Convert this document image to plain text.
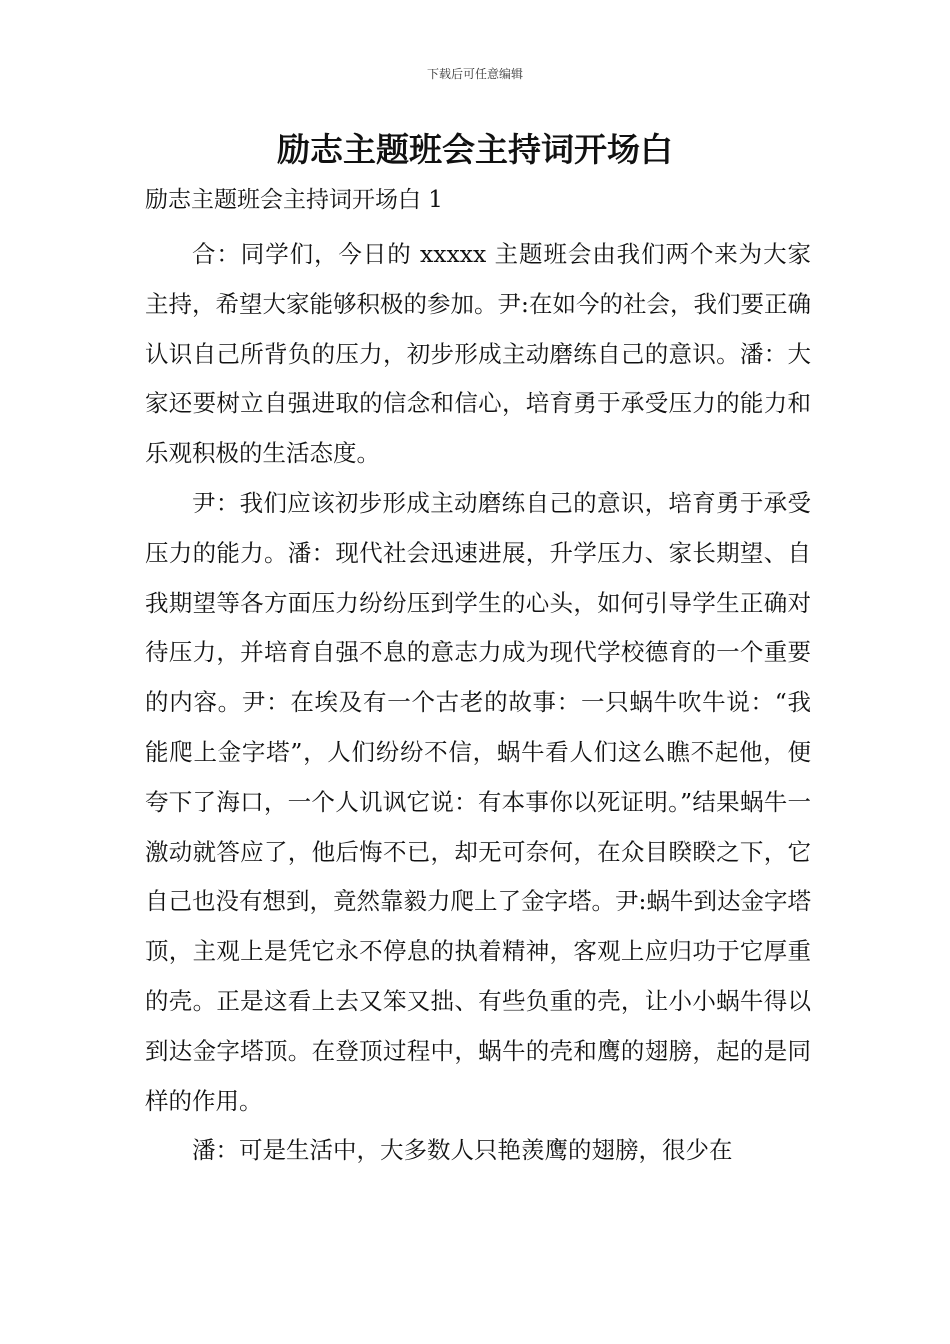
下载后可任意编辑
励志主题班会主持词开场白

励志主题班会主持词开场白 1

合：同学们，今日的 xxxxx 主题班会由我们两个来为大家主持，希望大家能够积极的参加。尹:在如今的社会，我们要正确认识自己所背负的压力，初步形成主动磨练自己的意识。潘：大家还要树立自强进取的信念和信心，培育勇于承受压力的能力和乐观积极的生活态度。

尹：我们应该初步形成主动磨练自己的意识，培育勇于承受压力的能力。潘：现代社会迅速进展，升学压力、家长期望、自我期望等各方面压力纷纷压到学生的心头，如何引导学生正确对待压力，并培育自强不息的意志力成为现代学校德育的一个重要的内容。尹：在埃及有一个古老的故事：一只蜗牛吹牛说：“我能爬上金字塔”，人们纷纷不信，蜗牛看人们这么瞧不起他，便夸下了海口，一个人讥讽它说：有本事你以死证明。”结果蜗牛一激动就答应了，他后悔不已，却无可奈何，在众目睽睽之下，它自己也没有想到，竟然靠毅力爬上了金字塔。尹:蜗牛到达金字塔顶，主观上是凭它永不停息的执着精神，客观上应归功于它厚重的壳。正是这看上去又笨又拙、有些负重的壳，让小小蜗牛得以到达金字塔顶。在登顶过程中，蜗牛的壳和鹰的翅膀，起的是同样的作用。

潘：可是生活中，大多数人只艳羡鹰的翅膀，很少在
